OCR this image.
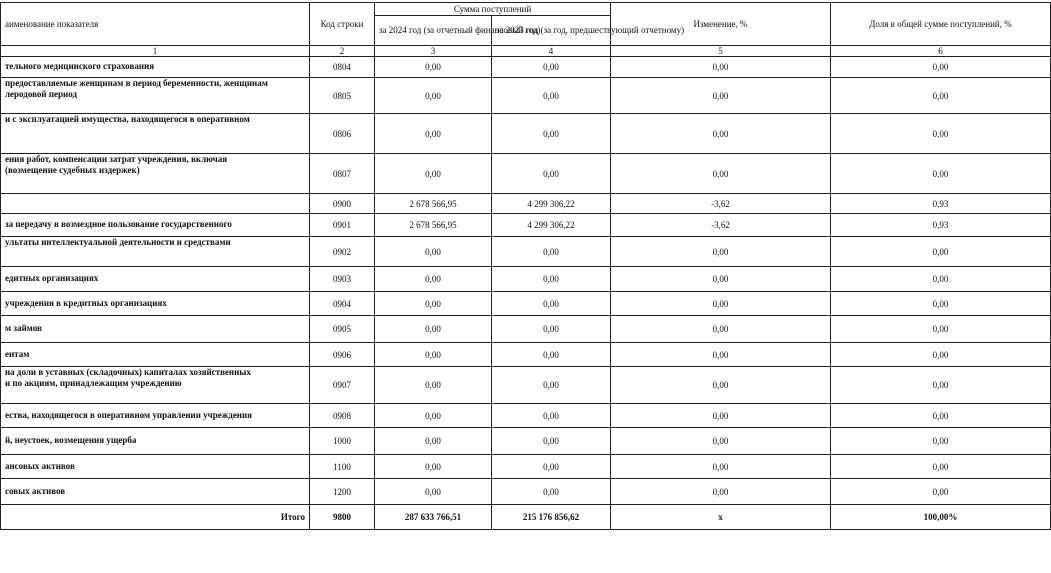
аименование показателя	Код строки	Сумма поступлений		Изменение, %	Доля в общей сумме поступлений, %
		за 2024 год (за отчетный финансовый год)	за 2023 год (за год, предшествующий отчетному)		
1	2	3	4	5	6
тельного медицинского страхования	0804	0,00	0,00	0,00	0,00
предоставляемые женщинам в период беременности, женщинам
леродовой период	0805	0,00	0,00	0,00	0,00
и с эксплуатацией имущества, находящегося в оперативном	0806	0,00	0,00	0,00	0,00
ения работ, компенсации затрат учреждения, включая
(возмещение судебных издержек)	0807	0,00	0,00	0,00	0,00
	0900	2 678 566,95	4 299 306,22	-3,62	0,93
за передачу в возмездное пользование государственного	0901	2 678 566,95	4 299 306,22	-3,62	0,93
ультаты интеллектуальной деятельности и средствами	0902	0,00	0,00	0,00	0,00
едитных организациях	0903	0,00	0,00	0,00	0,00
учреждения в кредитных организациях	0904	0,00	0,00	0,00	0,00
м займов	0905	0,00	0,00	0,00	0,00
ентам	0906	0,00	0,00	0,00	0,00
на доли в уставных (складочных) капиталах хозяйственных
и по акциям, принадлежащим учреждению	0907	0,00	0,00	0,00	0,00
ества, находящегося в оперативном управлении учреждения	0908	0,00	0,00	0,00	0,00
й, неустоек, возмещения ущерба	1000	0,00	0,00	0,00	0,00
ансовых активов	1100	0,00	0,00	0,00	0,00
совых активов	1200	0,00	0,00	0,00	0,00
Итого	9800	287 633 766,51	215 176 856,62	x	100,00%
